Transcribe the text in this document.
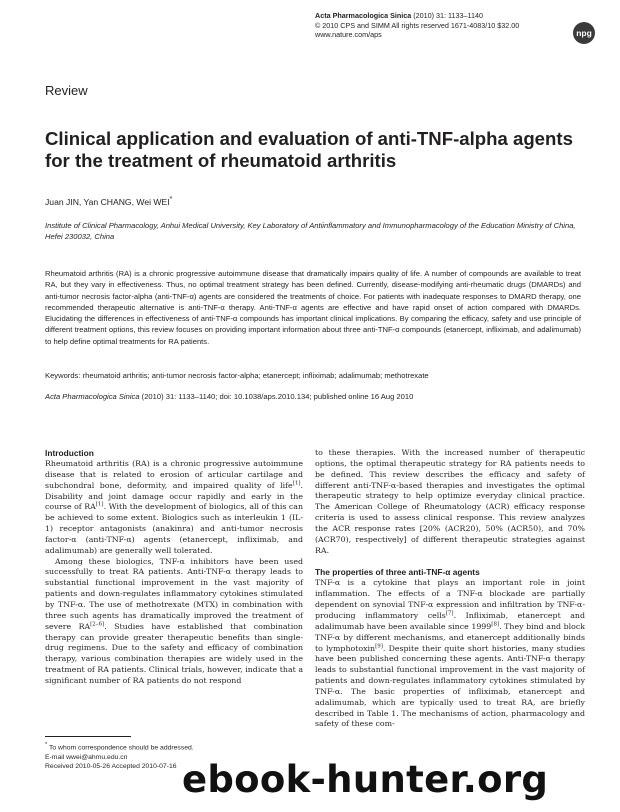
Acta Pharmacologica Sinica (2010) 31: 1133–1140
© 2010 CPS and SIMM All rights reserved 1671-4083/10 $32.00
www.nature.com/aps	npg
Review
Clinical application and evaluation of anti-TNF-alpha agents for the treatment of rheumatoid arthritis
Juan JIN, Yan CHANG, Wei WEI*
Institute of Clinical Pharmacology, Anhui Medical University, Key Laboratory of Antiinflammatory and Immunopharmacology of the Education Ministry of China, Hefei 230032, China
Rheumatoid arthritis (RA) is a chronic progressive autoimmune disease that dramatically impairs quality of life. A number of compounds are available to treat RA, but they vary in effectiveness. Thus, no optimal treatment strategy has been defined. Currently, disease-modifying anti-rheumatic drugs (DMARDs) and anti-tumor necrosis factor-alpha (anti-TNF-α) agents are considered the treatments of choice. For patients with inadequate responses to DMARD therapy, one recommended therapeutic alternative is anti-TNF-α therapy. Anti-TNF-α agents are effective and have rapid onset of action compared with DMARDs. Elucidating the differences in effectiveness of anti-TNF-α compounds has important clinical implications. By comparing the efficacy, safety and use principle of different treatment options, this review focuses on providing important information about three anti-TNF-α compounds (etanercept, infliximab, and adalimumab) to help define optimal treatments for RA patients.
Keywords: rheumatoid arthritis; anti-tumor necrosis factor-alpha; etanercept; infliximab; adalimumab; methotrexate
Acta Pharmacologica Sinica (2010) 31: 1133–1140; doi: 10.1038/aps.2010.134; published online 16 Aug 2010
Introduction

Rheumatoid arthritis (RA) is a chronic progressive autoimmune disease that is related to erosion of articular cartilage and subchondral bone, deformity, and impaired quality of life[1]. Disability and joint damage occur rapidly and early in the course of RA[1]. With the development of biologics, all of this can be achieved to some extent. Biologics such as interleukin 1 (IL-1) receptor antagonists (anakinra) and anti-tumor necrosis factor-α (anti-TNF-α) agents (etanercept, infliximab, and adalimumab) are generally well tolerated.

Among these biologics, TNF-α inhibitors have been used successfully to treat RA patients. Anti-TNF-α therapy leads to substantial functional improvement in the vast majority of patients and down-regulates inflammatory cytokines stimulated by TNF-α. The use of methotrexate (MTX) in combination with three such agents has dramatically improved the treatment of severe RA[2–6]. Studies have established that combination therapy can provide greater therapeutic benefits than single-drug regimens. Due to the safety and efficacy of combination therapy, various combination therapies are widely used in the treatment of RA patients. Clinical trials, however, indicate that a significant number of RA patients do not respond

to these therapies. With the increased number of therapeutic options, the optimal therapeutic strategy for RA patients needs to be defined. This review describes the efficacy and safety of different anti-TNF-α-based therapies and investigates the optimal therapeutic strategy to help optimize everyday clinical practice. The American College of Rheumatology (ACR) efficacy response criteria is used to assess clinical response. This review analyzes the ACR response rates [20% (ACR20), 50% (ACR50), and 70% (ACR70), respectively] of different therapeutic strategies against RA.

The properties of three anti-TNF-α agents

TNF-α is a cytokine that plays an important role in joint inflammation. The effects of a TNF-α blockade are partially dependent on synovial TNF-α expression and infiltration by TNF-α-producing inflammatory cells[7]. Infliximab, etanercept and adalimumab have been available since 1999[8]. They bind and block TNF-α by different mechanisms, and etanercept additionally binds to lymphotoxin[9]. Despite their quite short histories, many studies have been published concerning these agents. Anti-TNF-α therapy leads to substantial functional improvement in the vast majority of patients and down-regulates inflammatory cytokines stimulated by TNF-α. The basic properties of infliximab, etanercept and adalimumab, which are typically used to treat RA, are briefly described in Table 1. The mechanisms of action, pharmacology and safety of these com-

* To whom correspondence should be addressed.
E-mail wwei@ahmu.edu.cn
Received 2010-05-26 Accepted 2010-07-16 ebook-hunter.org
